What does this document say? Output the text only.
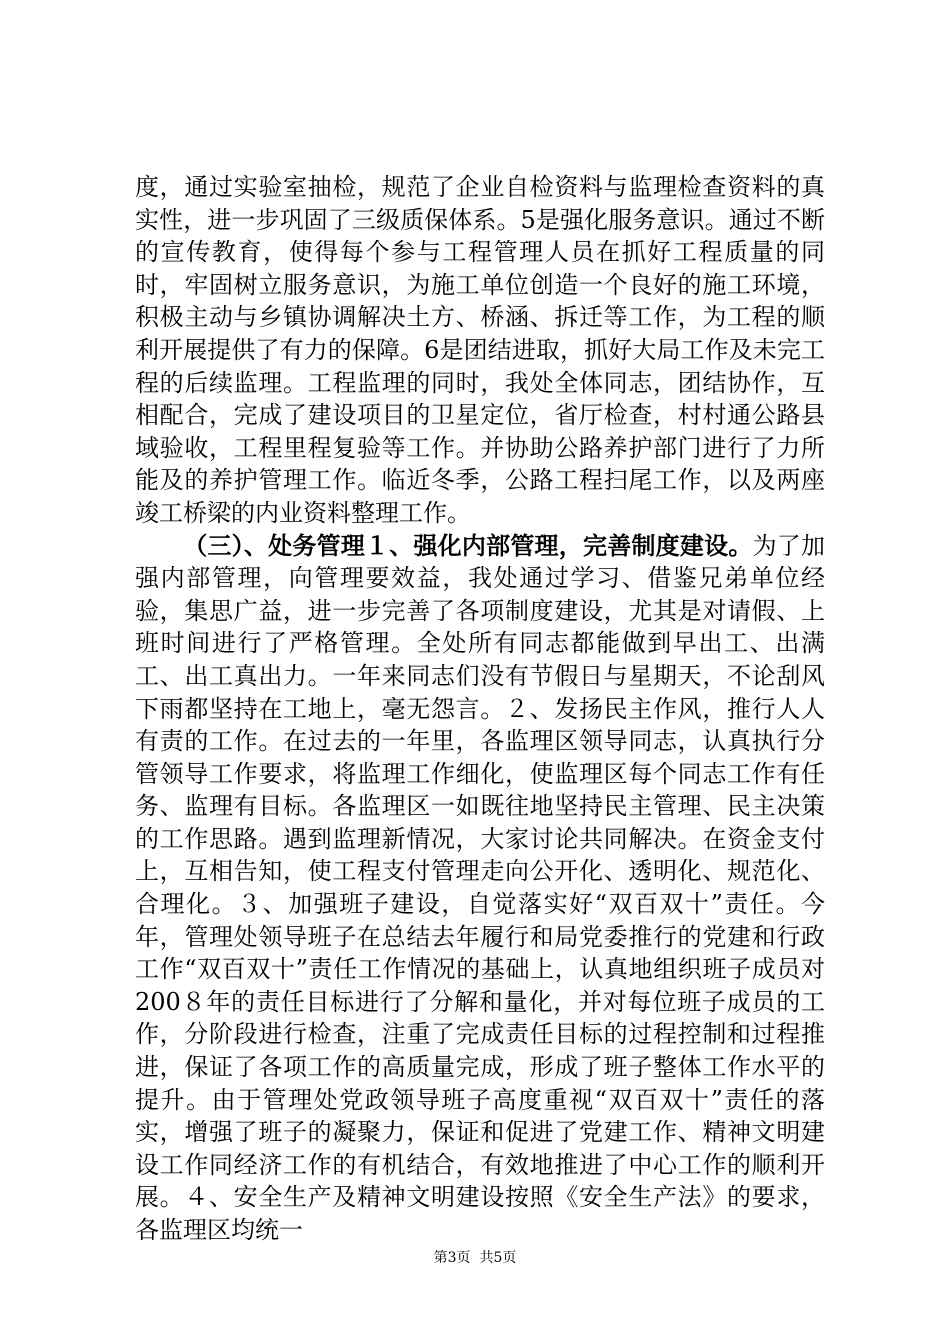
度，通过实验室抽检，规范了企业自检资料与监理检查资料的真实性，进一步巩固了三级质保体系。5是强化服务意识。通过不断的宣传教育，使得每个参与工程管理人员在抓好工程质量的同时，牢固树立服务意识，为施工单位创造一个良好的施工环境，积极主动与乡镇协调解决土方、桥涵、拆迁等工作，为工程的顺利开展提供了有力的保障。6是团结进取，抓好大局工作及未完工程的后续监理。工程监理的同时，我处全体同志，团结协作，互相配合，完成了建设项目的卫星定位，省厅检查，村村通公路县域验收，工程里程复验等工作。并协助公路养护部门进行了力所能及的养护管理工作。临近冬季，公路工程扫尾工作，以及两座竣工桥梁的内业资料整理工作。
（三）、处务管理１、强化内部管理，完善制度建设。为了加强内部管理，向管理要效益，我处通过学习、借鉴兄弟单位经验，集思广益，进一步完善了各项制度建设，尤其是对请假、上班时间进行了严格管理。全处所有同志都能做到早出工、出满工、出工真出力。一年来同志们没有节假日与星期天，不论刮风下雨都坚持在工地上，毫无怨言。２、发扬民主作风，推行人人有责的工作。在过去的一年里，各监理区领导同志，认真执行分管领导工作要求，将监理工作细化，使监理区每个同志工作有任务、监理有目标。各监理区一如既往地坚持民主管理、民主决策的工作思路。遇到监理新情况，大家讨论共同解决。在资金支付上，互相告知，使工程支付管理走向公开化、透明化、规范化、合理化。３、加强班子建设，自觉落实好“双百双十”责任。今年，管理处领导班子在总结去年履行和局党委推行的党建和行政工作“双百双十”责任工作情况的基础上，认真地组织班子成员对200８年的责任目标进行了分解和量化，并对每位班子成员的工作，分阶段进行检查，注重了完成责任目标的过程控制和过程推进，保证了各项工作的高质量完成，形成了班子整体工作水平的提升。由于管理处党政领导班子高度重视“双百双十”责任的落实，增强了班子的凝聚力，保证和促进了党建工作、精神文明建设工作同经济工作的有机结合，有效地推进了中心工作的顺利开展。４、安全生产及精神文明建设按照《安全生产法》的要求，各监理区均统一

第3页  共5页
